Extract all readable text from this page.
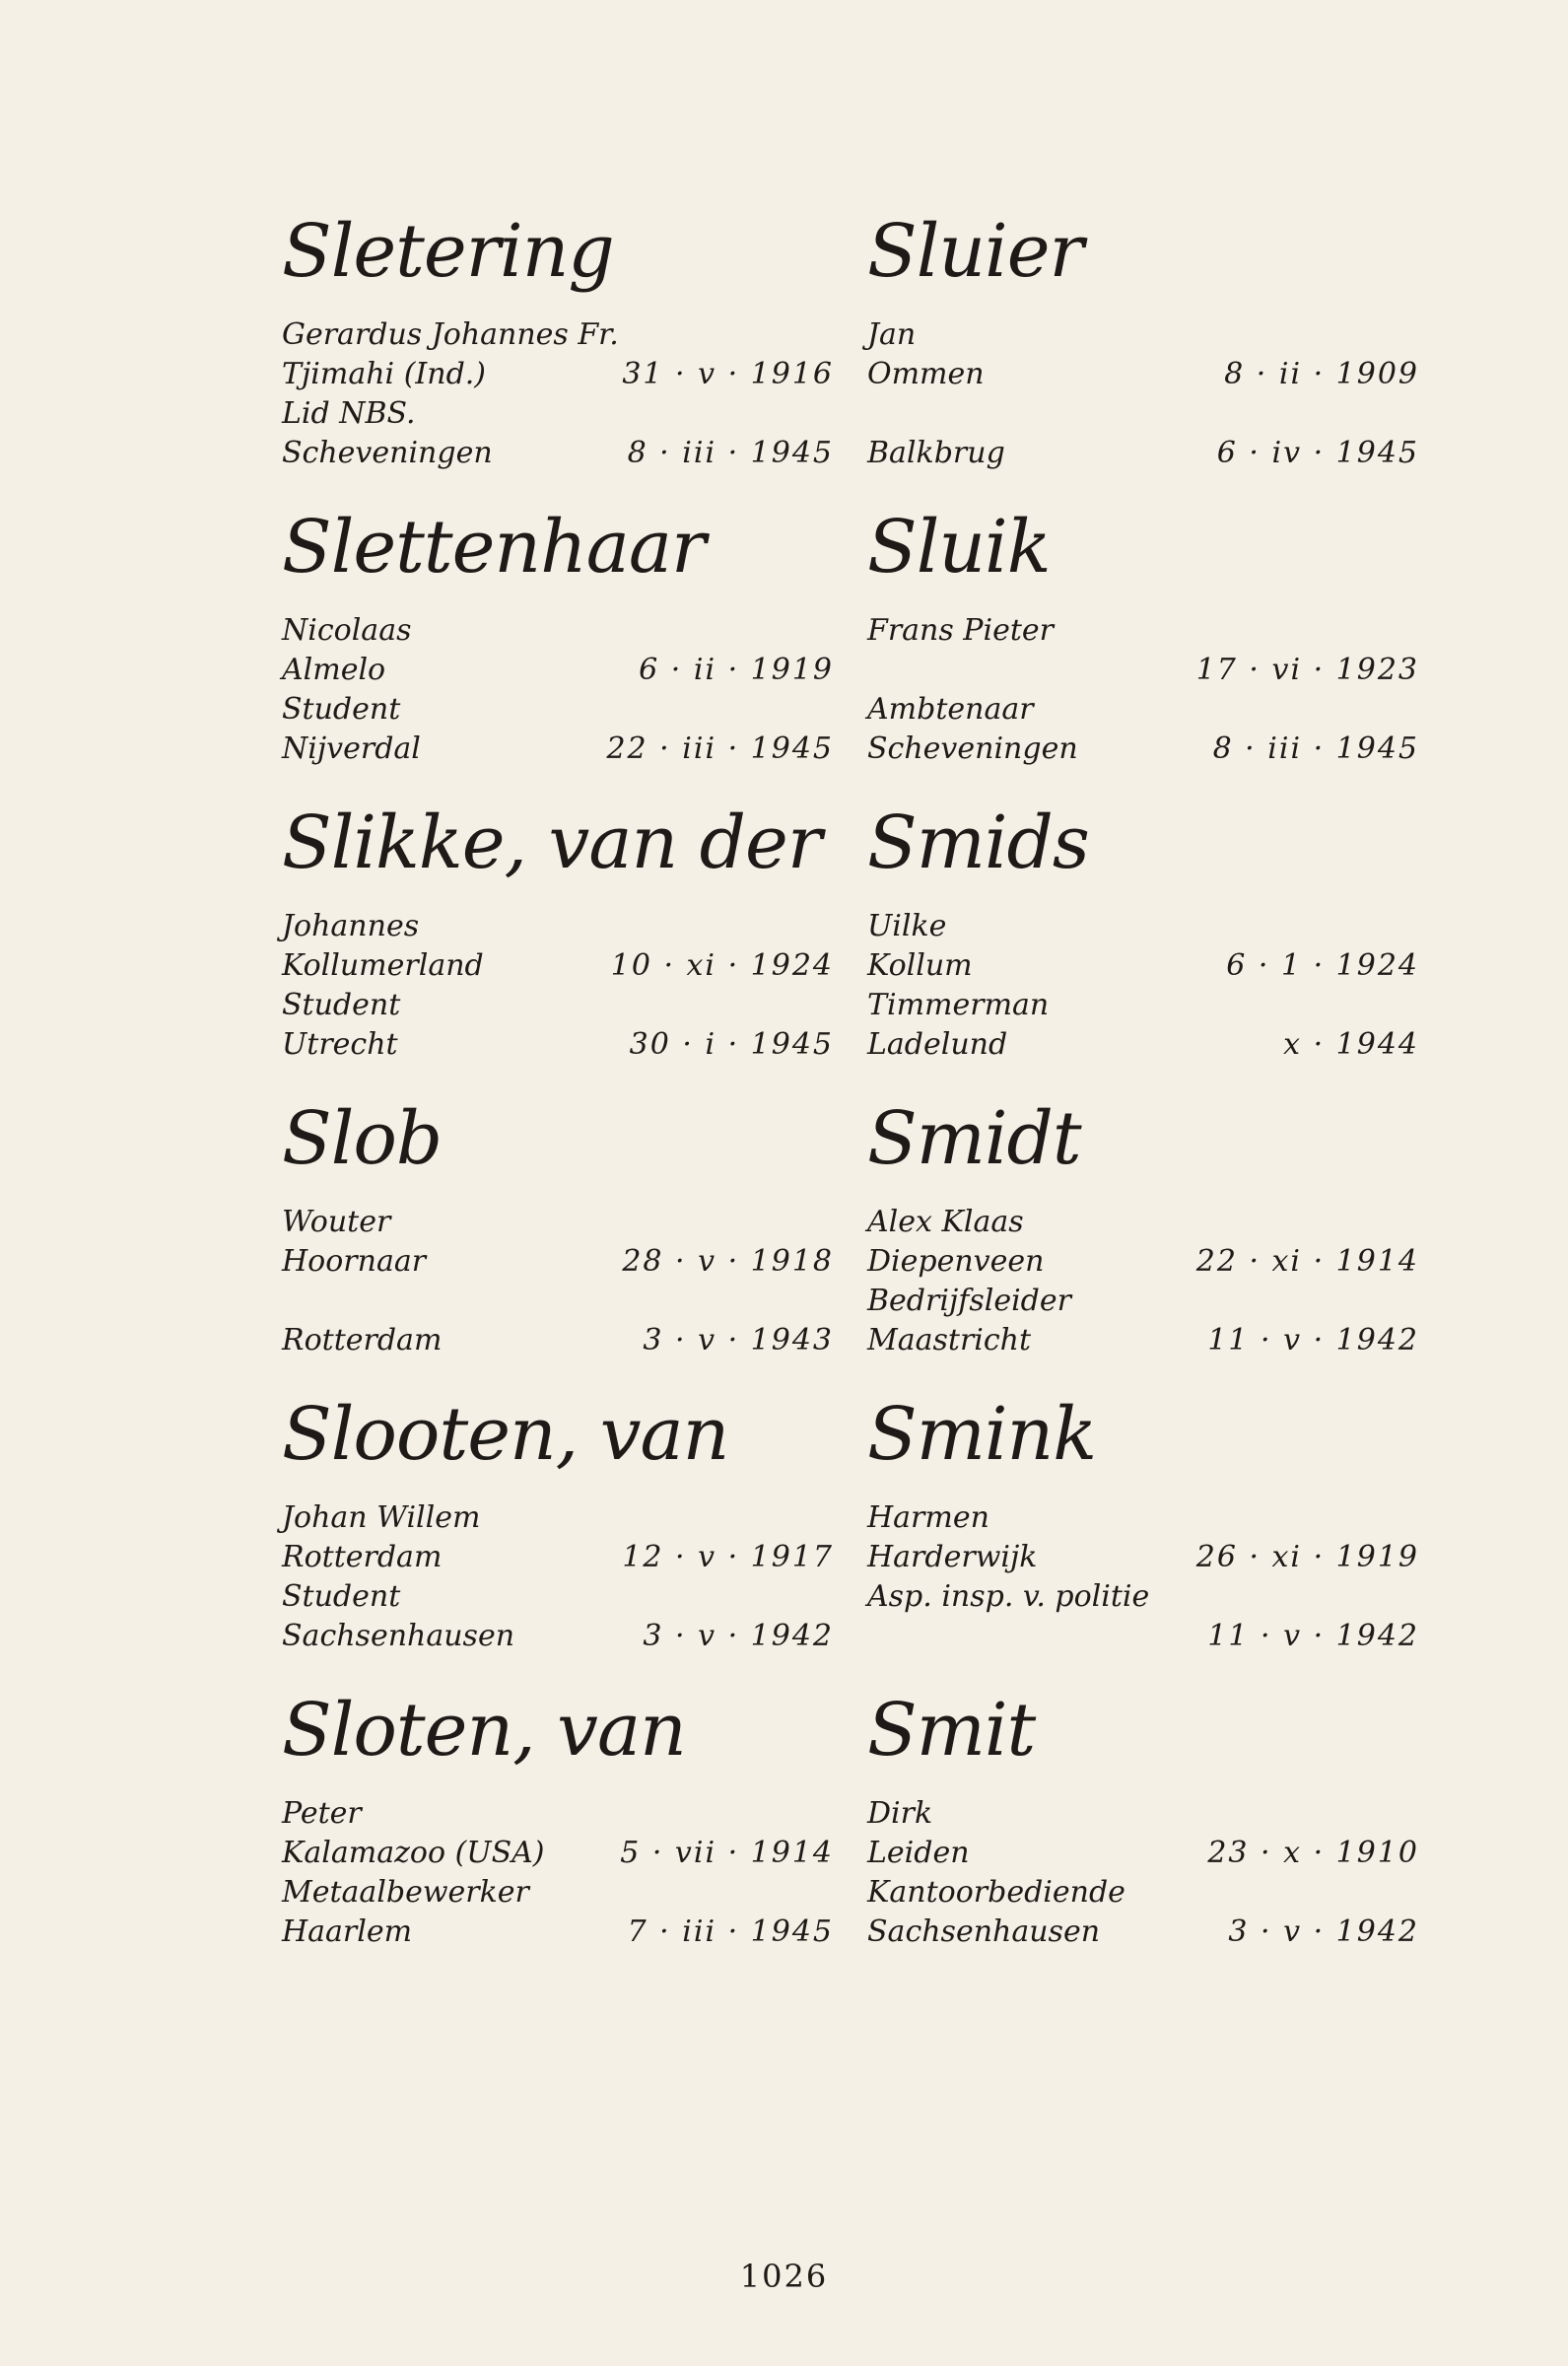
Sletering
Gerardus Johannes Fr.
Tjimahi (Ind.)	31 · v · 1916
Lid NBS.
Scheveningen	8 · iii · 1945
Slettenhaar
Nicolaas
Almelo	6 · ii · 1919
Student
Nijverdal	22 · iii · 1945
Slikke, van der
Johannes
Kollumerland	10 · xi · 1924
Student
Utrecht	30 · i · 1945
Slob
Wouter
Hoornaar	28 · v · 1918
Rotterdam	3 · v · 1943
Slooten, van
Johan Willem
Rotterdam	12 · v · 1917
Student
Sachsenhausen	3 · v · 1942
Sloten, van
Peter
Kalamazoo (USA)	5 · vii · 1914
Metaalbewerker
Haarlem	7 · iii · 1945
Sluier
Jan
Ommen	8 · ii · 1909
Balkbrug	6 · iv · 1945
Sluik
Frans Pieter
17 · vi · 1923
Ambtenaar
Scheveningen	8 · iii · 1945
Smids
Uilke
Kollum	6 · 1 · 1924
Timmerman
Ladelund	x · 1944
Smidt
Alex Klaas
Diepenveen	22 · xi · 1914
Bedrijfsleider
Maastricht	11 · v · 1942
Smink
Harmen
Harderwijk	26 · xi · 1919
Asp. insp. v. politie
11 · v · 1942
Smit
Dirk
Leiden	23 · x · 1910
Kantoorbediende
Sachsenhausen	3 · v · 1942
1026
